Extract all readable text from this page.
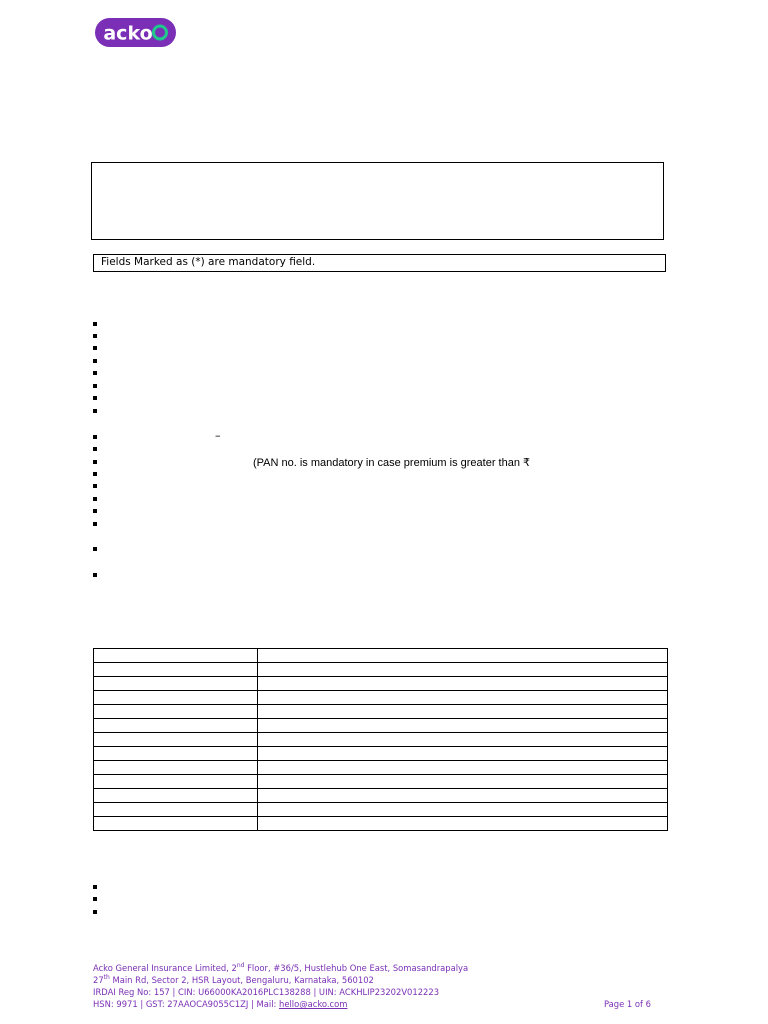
acko
Fields Marked as (*) are mandatory field.
–
(PAN no. is mandatory in case premium is greater than ₹

Acko General Insurance Limited, 2nd Floor, #36/5, Hustlehub One East, Somasandrapalya
27th Main Rd, Sector 2, HSR Layout, Bengaluru, Karnataka, 560102
IRDAI Reg No: 157 | CIN: U66000KA2016PLC138288 | UIN: ACKHLIP23202V012223
HSN: 9971 | GST: 27AAOCA9055C1ZJ | Mail: hello@acko.com	Page 1 of 6
